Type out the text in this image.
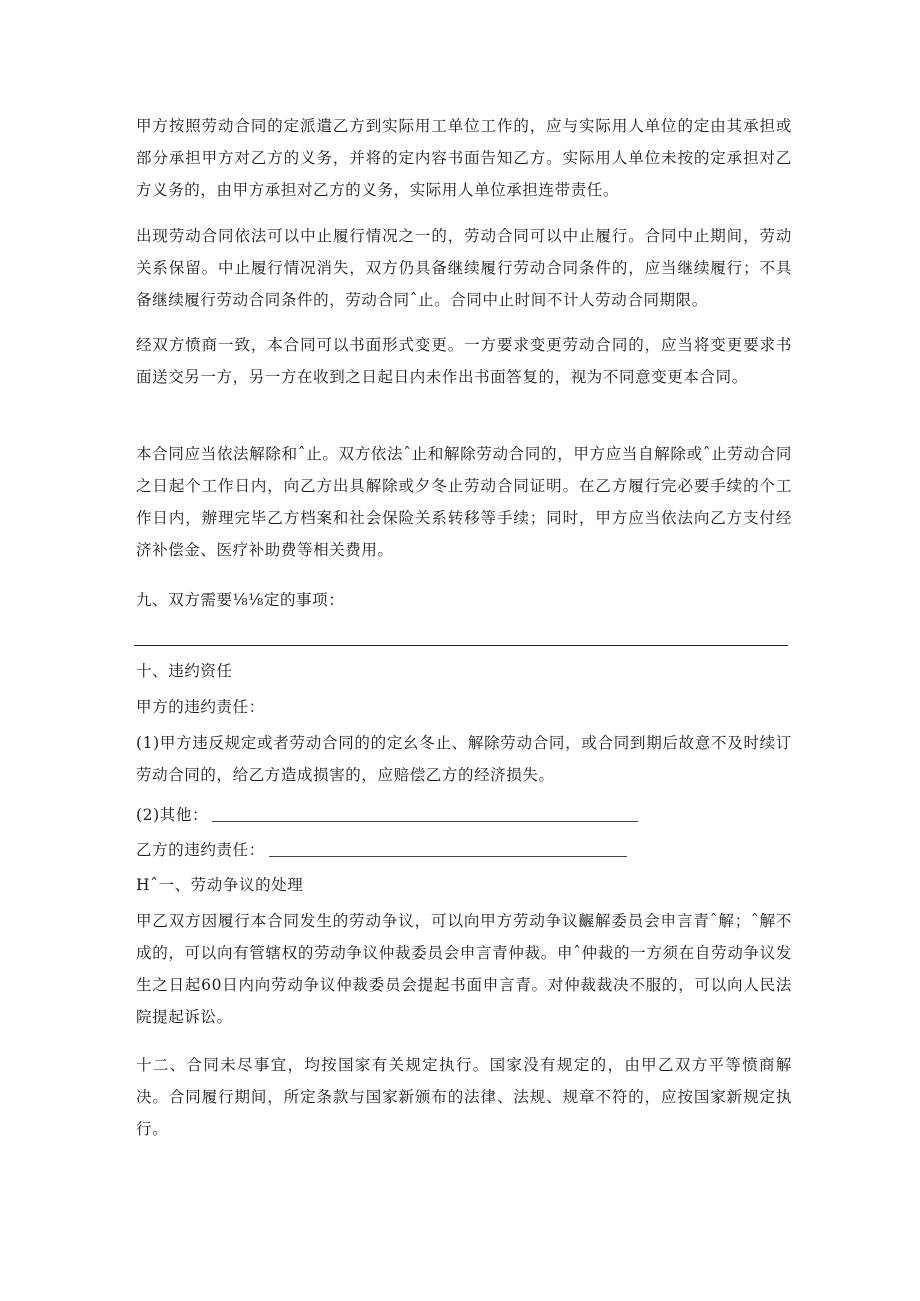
甲方按照劳动合同的定派遣乙方到实际用工单位工作的，应与实际用人单位的定由其承担或部分承担甲方对乙方的义务，并将的定内容书面告知乙方。实际用人单位未按的定承担对乙方义务的，由甲方承担对乙方的义务，实际用人单位承担连带责任。
出现劳动合同依法可以中止履行情况之一的，劳动合同可以中止履行。合同中止期间，劳动关系保留。中止履行情况消失，双方仍具备继续履行劳动合同条件的，应当继续履行；不具备继续履行劳动合同条件的，劳动合同ˆ止。合同中止时间不计人劳动合同期限。
经双方愤商一致，本合同可以书面形式变更。一方要求变更劳动合同的，应当将变更要求书面送交另一方，另一方在收到之日起日内未作出书面答复的，视为不同意变更本合同。
本合同应当依法解除和ˆ止。双方依法ˆ止和解除劳动合同的，甲方应当自解除或ˆ止劳动合同之日起个工作日内，向乙方出具解除或夕冬止劳动合同证明。在乙方履行完必要手续的个工作日内，辦理完毕乙方档案和社会保险关系转移等手续；同时，甲方应当依法向乙方支付经济补偿金、医疗补助费等相关费用。
九、双方需要⅛⅛定的事项：
十、违约资任
甲方的违约责任：
(1)甲方违反规定或者劳动合同的的定幺冬止、解除劳动合同，或合同到期后故意不及时续订劳动合同的，给乙方造成损害的，应赔偿乙方的经济损失。
(2)其他：
乙方的违约责任：
Hˆ一、劳动争议的处理
甲乙双方因履行本合同发生的劳动争议，可以向甲方劳动争议齷解委员会申言青ˆ解；ˆ解不成的，可以向有管辖权的劳动争议仲裁委员会申言青仲裁。申ˆ仲裁的一方须在自劳动争议发生之日起60日内向劳动争议仲裁委员会提起书面申言青。对仲裁裁决不服的，可以向人民法院提起诉讼。
十二、合同未尽事宜，均按国家有关规定执行。国家没有规定的，由甲乙双方平等愤商解决。合同履行期间，所定条款与国家新颁布的法律、法规、规章不符的，应按国家新规定执行。
